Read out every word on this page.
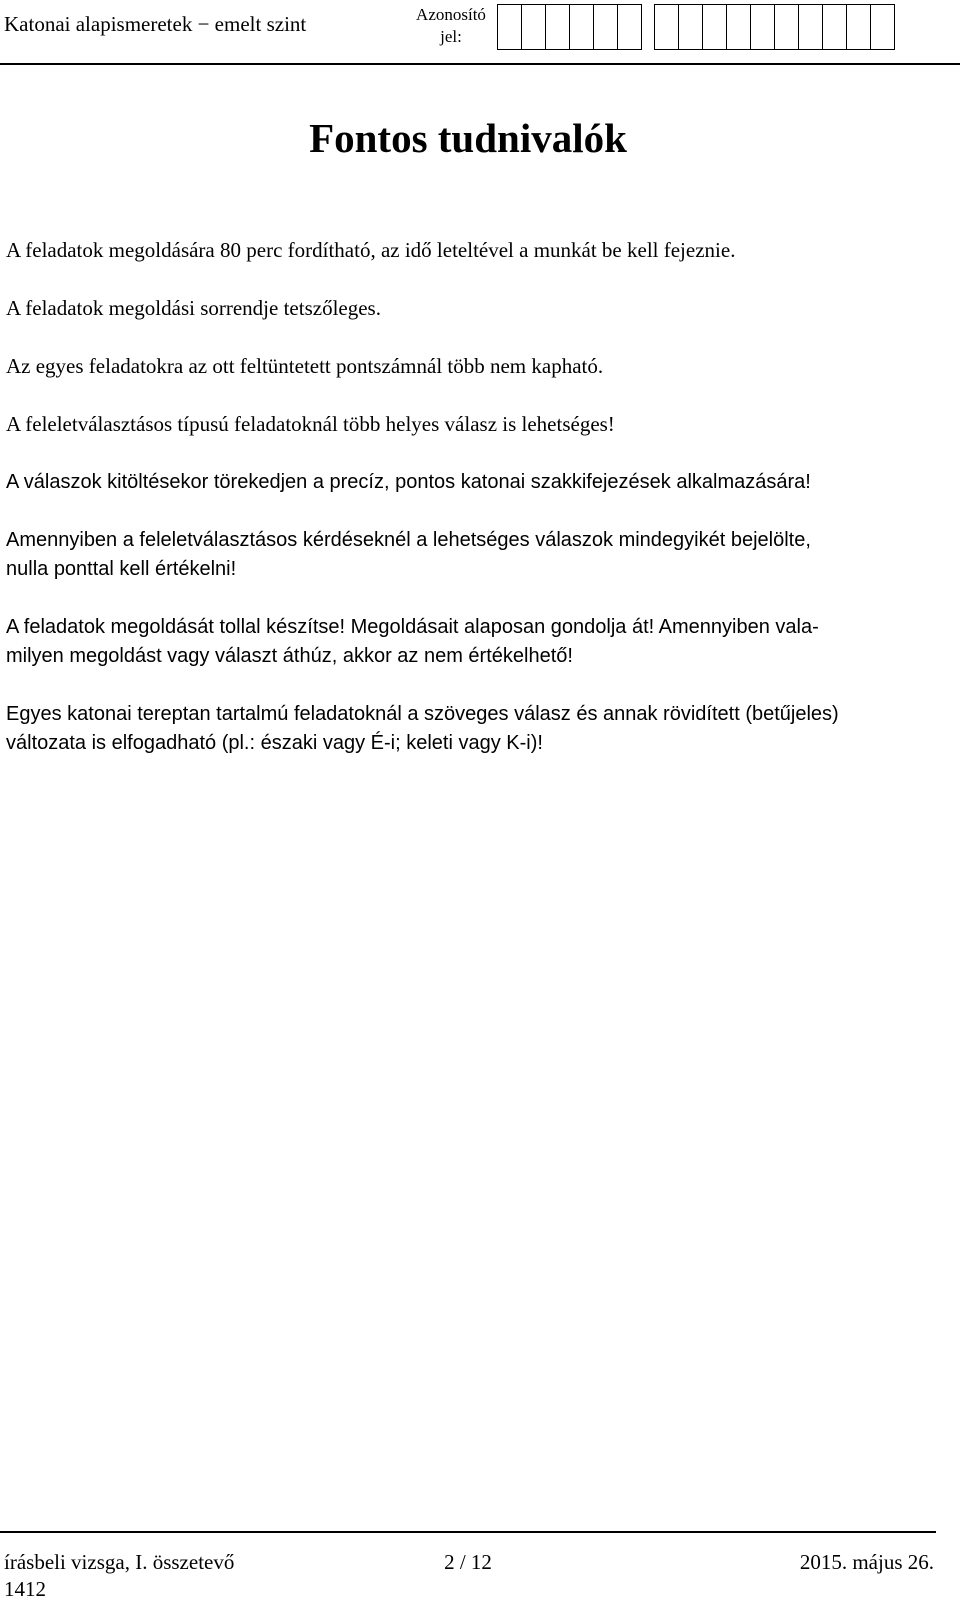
Katonai alapismeretek − emelt szint	Azonosító
jel:
Fontos tudnivalók
A feladatok megoldására 80 perc fordítható, az idő leteltével a munkát be kell fejeznie.
A feladatok megoldási sorrendje tetszőleges.
Az egyes feladatokra az ott feltüntetett pontszámnál több nem kapható.
A feleletválasztásos típusú feladatoknál több helyes válasz is lehetséges!
A válaszok kitöltésekor törekedjen a precíz, pontos katonai szakkifejezések alkalmazására!
Amennyiben a feleletválasztásos kérdéseknél a lehetséges válaszok mindegyikét bejelölte,
nulla ponttal kell értékelni!
A feladatok megoldását tollal készítse! Megoldásait alaposan gondolja át! Amennyiben vala-
milyen megoldást vagy választ áthúz, akkor az nem értékelhető!
Egyes katonai tereptan tartalmú feladatoknál a szöveges válasz és annak rövidített (betűjeles)
változata is elfogadható (pl.: északi vagy É-i; keleti vagy K-i)!
írásbeli vizsga, I. összetevő	2 / 12	2015. május 26.
1412
